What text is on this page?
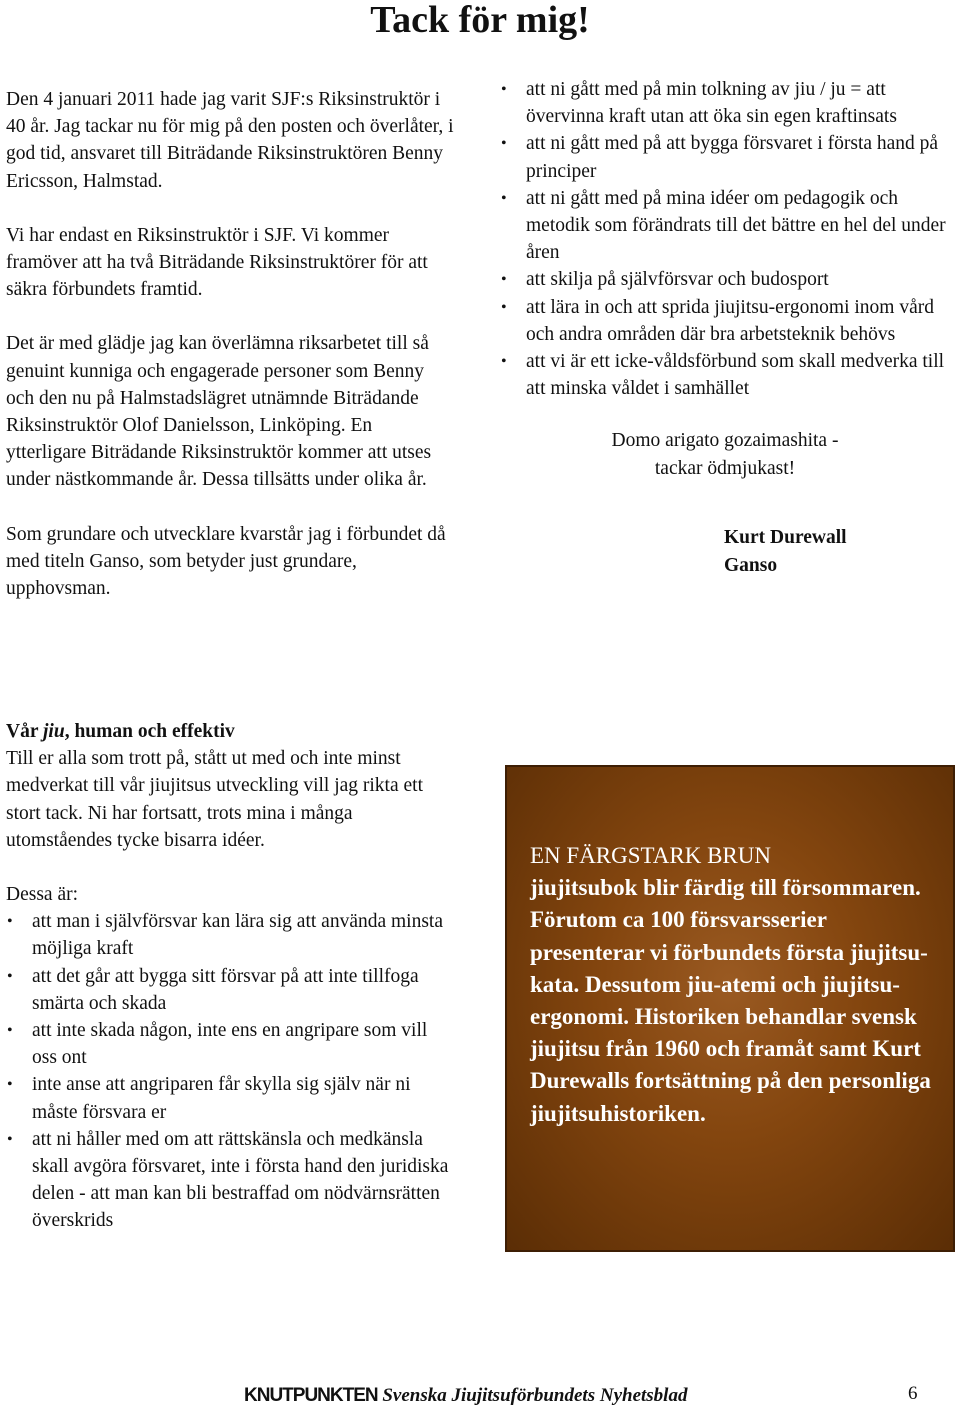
Tack för mig!

Den 4 januari 2011 hade jag varit SJF:s Riksinstruktör i 40 år. Jag tackar nu för mig på den posten och överlåter, i god tid, ansvaret till Biträdande Riksinstruktören Benny Ericsson, Halmstad.

Vi har endast en Riksinstruktör i SJF. Vi kommer framöver att ha två Biträdande Riksinstruktörer för att säkra förbundets framtid.

Det är med glädje jag kan överlämna riksarbetet till så genuint kunniga och engagerade personer som Benny och den nu på Halmstadslägret utnämnde Biträdande Riksinstruktör Olof Danielsson, Linköping. En ytterligare Biträdande Riksinstruktör kommer att utses under nästkommande år. Dessa tillsätts under olika år.

Som grundare och utvecklare kvarstår jag i förbundet då med titeln Ganso, som betyder just grundare, upphovsman.

Vår jiu, human och effektiv

Till er alla som trott på, stått ut med och inte minst medverkat till vår jiujitsus utveckling vill jag rikta ett stort tack. Ni har fortsatt, trots mina i många utomståendes tycke bisarra idéer.

Dessa är:
• att man i självförsvar kan lära sig att använda minsta möjliga kraft
• att det går att bygga sitt försvar på att inte tillfoga smärta och skada
• att inte skada någon, inte ens en angripare som vill oss ont
• inte anse att angriparen får skylla sig själv när ni måste försvara er
• att ni håller med om att rättskänsla och medkänsla skall avgöra försvaret, inte i första hand den juridiska delen - att man kan bli bestraffad om nödvärnsrätten överskrids
• att ni gått med på min tolkning av jiu / ju = att övervinna kraft utan att öka sin egen kraftinsats
• att ni gått med på att bygga försvaret i första hand på principer
• att ni gått med på mina idéer om pedagogik och metodik som förändrats till det bättre en hel del under åren
• att skilja på självförsvar och budosport
• att lära in och att sprida jiujitsu-ergonomi inom vård och andra områden där bra arbetsteknik behövs
• att vi är ett icke-våldsförbund som skall medverka till att minska våldet i samhället
Domo arigato gozaimashita -
tackar ödmjukast!
Kurt Durewall
Ganso
EN FÄRGSTARK BRUN
jiujitsubok blir färdig till försommaren. Förutom ca 100 försvarsserier presenterar vi förbundets första jiujitsu-kata. Dessutom jiu-atemi och jiujitsu-ergonomi. Historiken behandlar svensk jiujitsu från 1960 och framåt samt Kurt Durewalls fortsättning på den personliga jiujitsuhistoriken.
KNUTPUNKTEN Svenska Jiujitsuförbundets Nyhetsblad	6
